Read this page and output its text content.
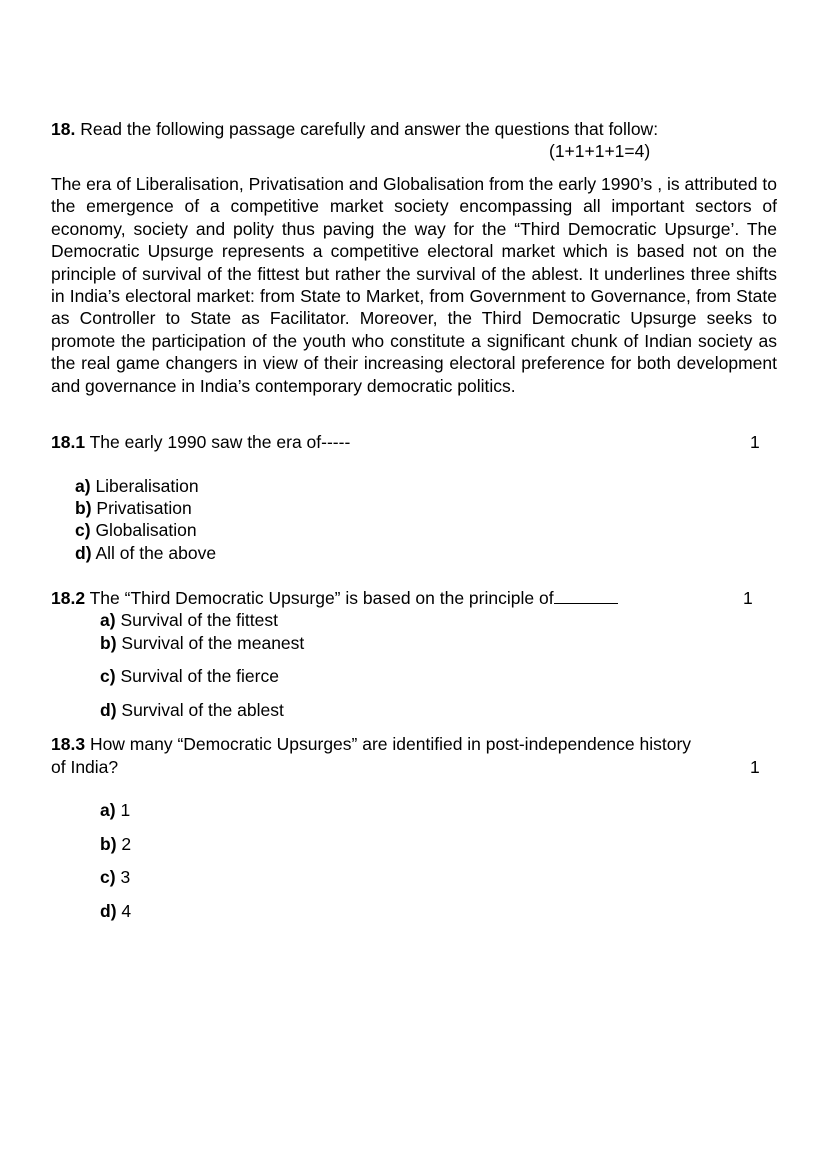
18. Read the following passage carefully and answer the questions that follow:
(1+1+1+1=4)
The era of Liberalisation, Privatisation and Globalisation from the early 1990’s , is attributed to the emergence of a competitive market society encompassing all important sectors of economy, society and polity thus paving the way for the “Third Democratic Upsurge’. The Democratic Upsurge represents a competitive electoral market which is based not on the principle of survival of the fittest but rather the survival of the ablest. It underlines three shifts in India’s electoral market: from State to Market, from Government to Governance, from State as Controller to State as Facilitator. Moreover, the Third Democratic Upsurge seeks to promote the participation of the youth who constitute a significant chunk of Indian society as the real game changers in view of their increasing electoral preference for both development and governance in India’s contemporary democratic politics.
18.1 The early 1990 saw the era of-----	1
a) Liberalisation
b) Privatisation
c) Globalisation
d) All of the above
18.2 The “Third Democratic Upsurge” is based on the principle of	1
a) Survival of the fittest
b) Survival of the meanest
c) Survival of the fierce
d) Survival of the ablest
18.3 How many “Democratic Upsurges” are identified in post-independence history
of India?	1
a) 1
b) 2
c) 3
d) 4
